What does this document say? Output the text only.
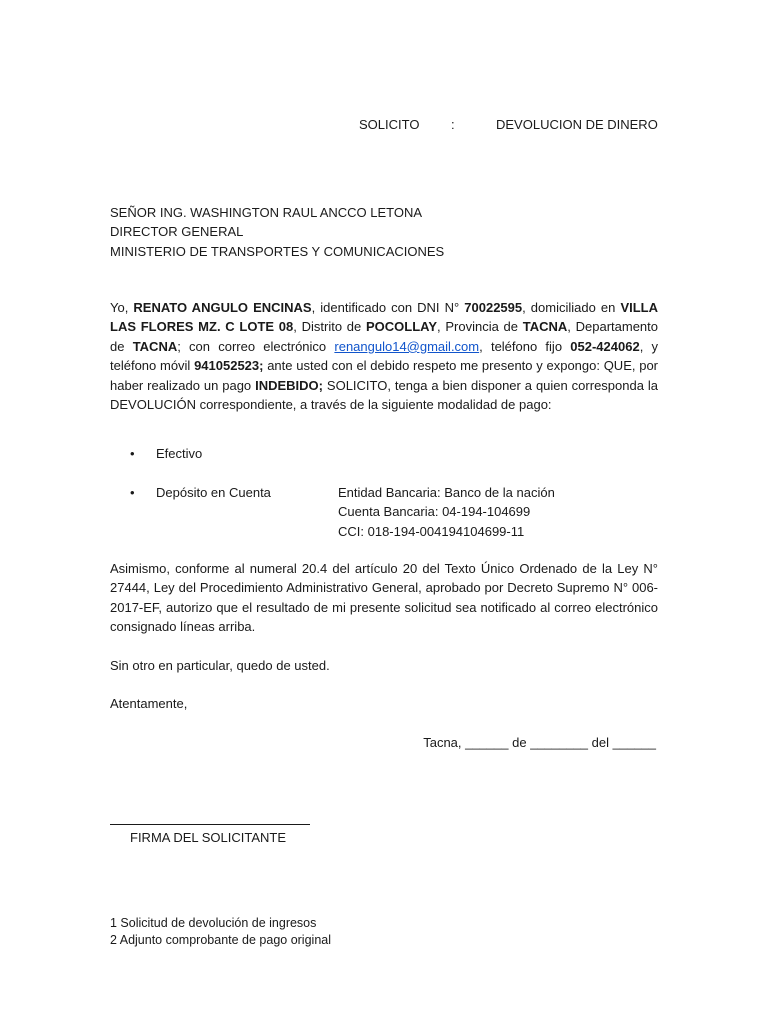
SOLICITO :	DEVOLUCION DE DINERO
SEÑOR ING. WASHINGTON RAUL ANCCO LETONA
DIRECTOR GENERAL
MINISTERIO DE TRANSPORTES Y COMUNICACIONES
Yo, RENATO ANGULO ENCINAS, identificado con DNI N° 70022595, domiciliado en VILLA LAS FLORES MZ. C LOTE 08, Distrito de POCOLLAY, Provincia de TACNA, Departamento de TACNA; con correo electrónico renangulo14@gmail.com, teléfono fijo 052-424062, y teléfono móvil 941052523; ante usted con el debido respeto me presento y expongo: QUE, por haber realizado un pago INDEBIDO; SOLICITO, tenga a bien disponer a quien corresponda la DEVOLUCIÓN correspondiente, a través de la siguiente modalidad de pago:
• Efectivo
• Depósito en Cuenta	Entidad Bancaria: Banco de la nación
Cuenta Bancaria: 04-194-104699
CCI: 018-194-004194104699-11
Asimismo, conforme al numeral 20.4 del artículo 20 del Texto Único Ordenado de la Ley N° 27444, Ley del Procedimiento Administrativo General, aprobado por Decreto Supremo N° 006-2017-EF, autorizo que el resultado de mi presente solicitud sea notificado al correo electrónico consignado líneas arriba.
Sin otro en particular, quedo de usted.
Atentamente,
Tacna, ______ de ________ del ______
FIRMA DEL SOLICITANTE
1 Solicitud de devolución de ingresos
2 Adjunto comprobante de pago original
